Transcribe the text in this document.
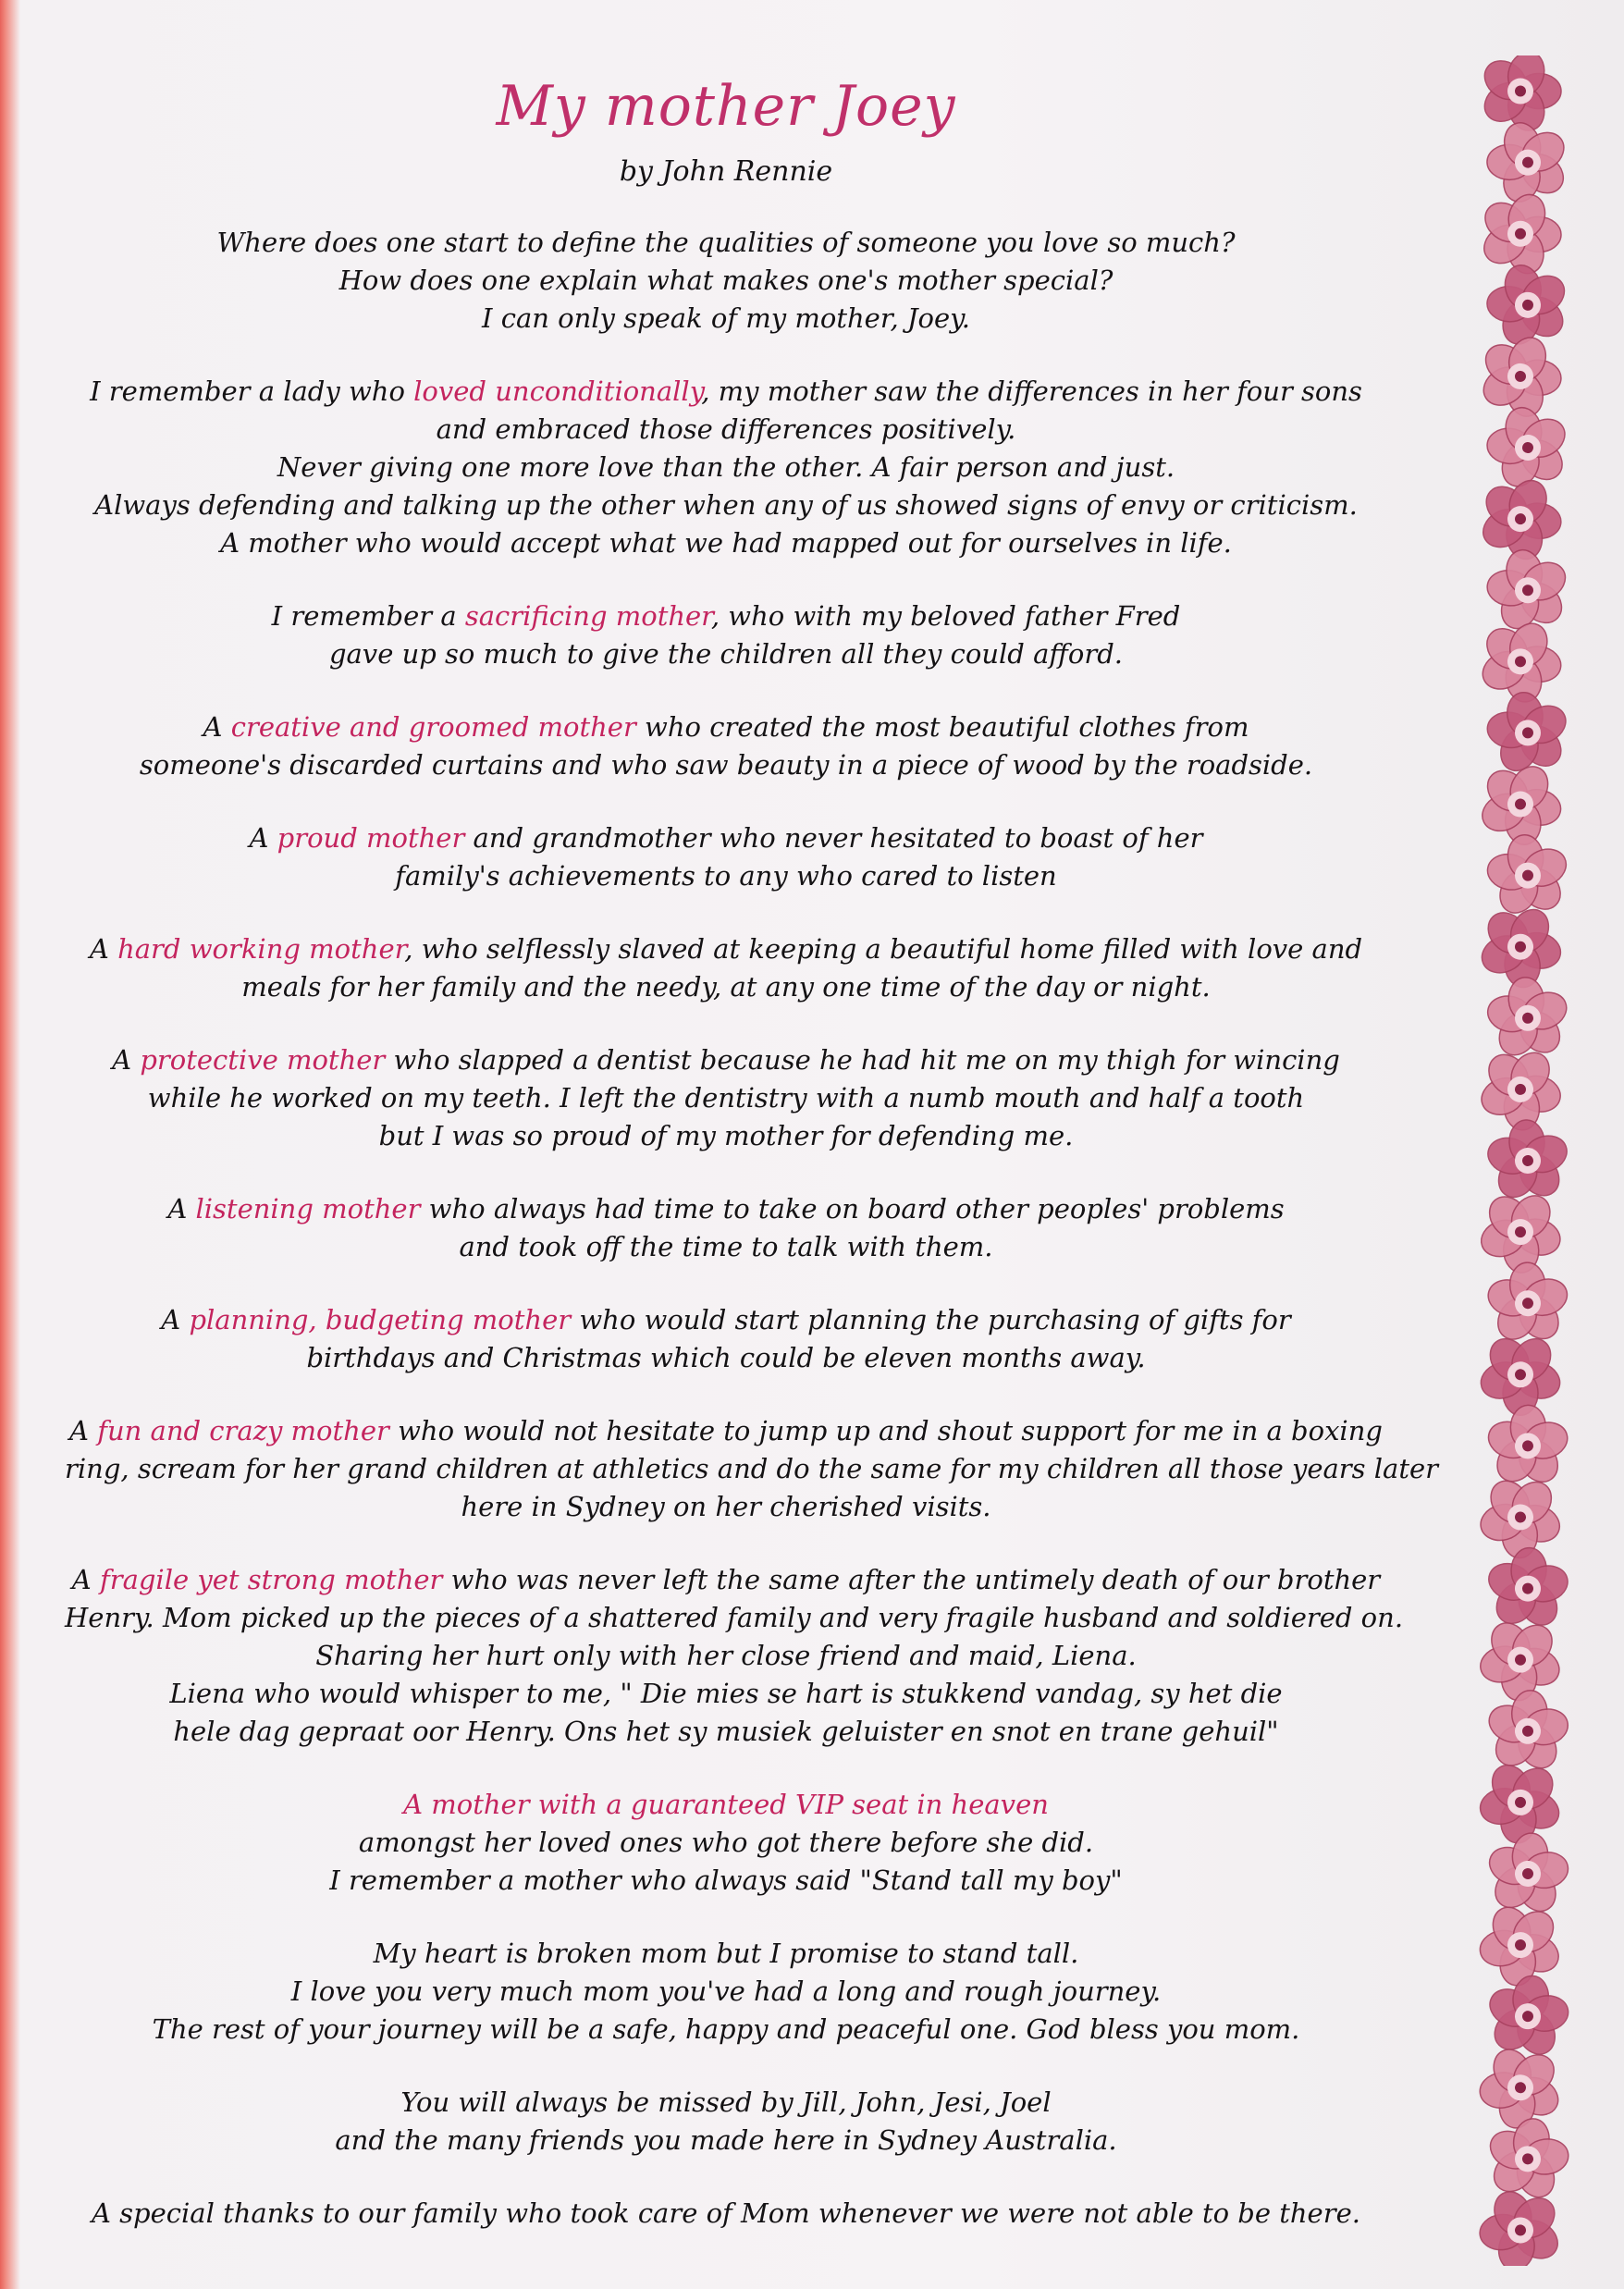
My mother Joey
by John Rennie
Where does one start to define the qualities of someone you love so much?
How does one explain what makes one's mother special?
I can only speak of my mother, Joey.
I remember a lady who loved unconditionally, my mother saw the differences in her four sons
and embraced those differences positively.
Never giving one more love than the other. A fair person and just.
Always defending and talking up the other when any of us showed signs of envy or criticism.
A mother who would accept what we had mapped out for ourselves in life.
I remember a sacrificing mother, who with my beloved father Fred
gave up so much to give the children all they could afford.
A creative and groomed mother who created the most beautiful clothes from
someone's discarded curtains and who saw beauty in a piece of wood by the roadside.
A proud mother and grandmother who never hesitated to boast of her
family's achievements to any who cared to listen
A hard working mother, who selflessly slaved at keeping a beautiful home filled with love and
meals for her family and the needy, at any one time of the day or night.
A protective mother who slapped a dentist because he had hit me on my thigh for wincing
while he worked on my teeth. I left the dentistry with a numb mouth and half a tooth
but I was so proud of my mother for defending me.
A listening mother who always had time to take on board other peoples' problems
and took off the time to talk with them.
A planning, budgeting mother who would start planning the purchasing of gifts for
birthdays and Christmas which could be eleven months away.
A fun and crazy mother who would not hesitate to jump up and shout support for me in a boxing
ring, scream for her grand children at athletics and do the same for my children all those years later
here in Sydney on her cherished visits.
A fragile yet strong mother who was never left the same after the untimely death of our brother
Henry. Mom picked up the pieces of a shattered family and very fragile husband and soldiered on.
Sharing her hurt only with her close friend and maid, Liena.
Liena who would whisper to me, " Die mies se hart is stukkend vandag, sy het die
hele dag gepraat oor Henry. Ons het sy musiek geluister en snot en trane gehuil"
A mother with a guaranteed VIP seat in heaven
amongst her loved ones who got there before she did.
I remember a mother who always said "Stand tall my boy"
My heart is broken mom but I promise to stand tall.
I love you very much mom you've had a long and rough journey.
The rest of your journey will be a safe, happy and peaceful one. God bless you mom.
You will always be missed by Jill, John, Jesi, Joel
and the many friends you made here in Sydney Australia.
A special thanks to our family who took care of Mom whenever we were not able to be there.
